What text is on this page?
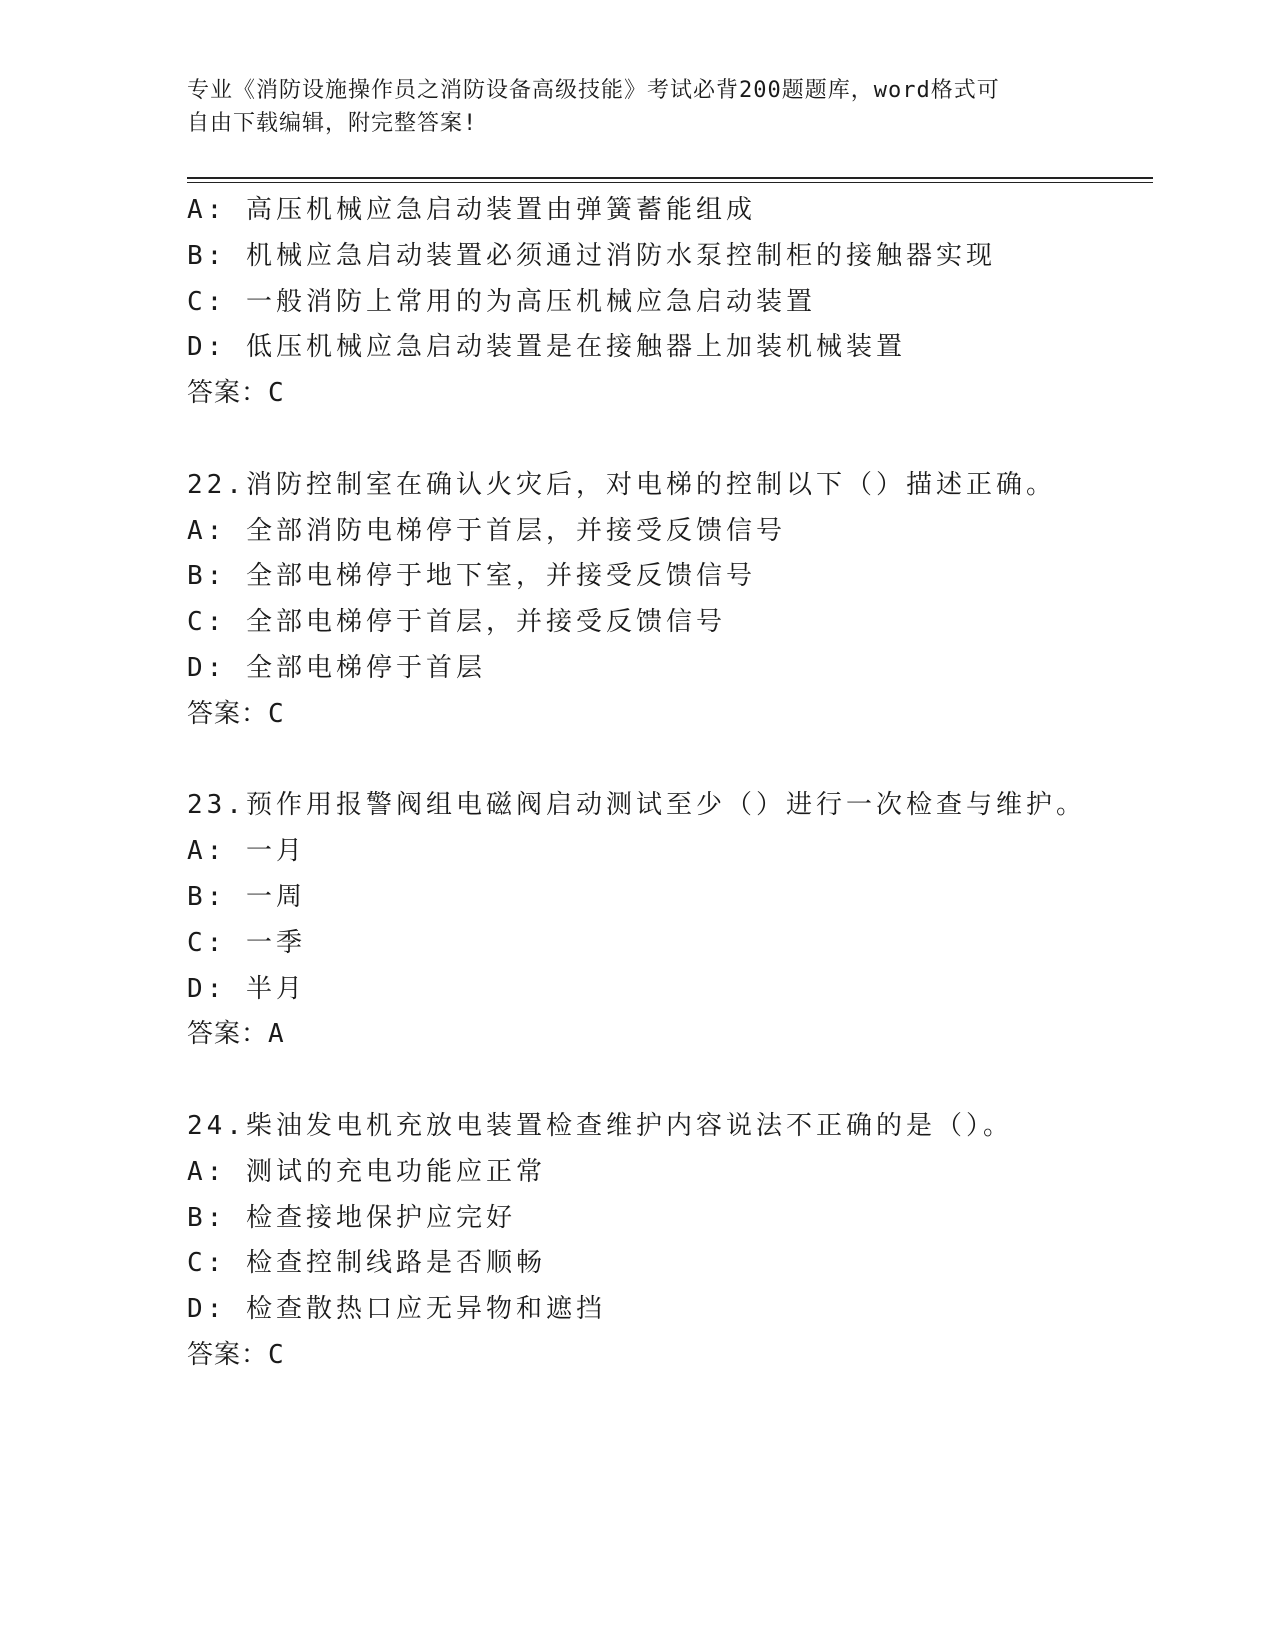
专业《消防设施操作员之消防设备高级技能》考试必背200题题库，word格式可
自由下载编辑，附完整答案!
A: 高压机械应急启动装置由弹簧蓄能组成
B: 机械应急启动装置必须通过消防水泵控制柜的接触器实现
C: 一般消防上常用的为高压机械应急启动装置
D: 低压机械应急启动装置是在接触器上加装机械装置
答案：C
22.消防控制室在确认火灾后，对电梯的控制以下（）描述正确。
A: 全部消防电梯停于首层，并接受反馈信号
B: 全部电梯停于地下室，并接受反馈信号
C: 全部电梯停于首层，并接受反馈信号
D: 全部电梯停于首层
答案：C
23.预作用报警阀组电磁阀启动测试至少（）进行一次检查与维护。
A: 一月
B: 一周
C: 一季
D: 半月
答案：A
24.柴油发电机充放电装置检查维护内容说法不正确的是（）。
A: 测试的充电功能应正常
B: 检查接地保护应完好
C: 检查控制线路是否顺畅
D: 检查散热口应无异物和遮挡
答案：C
